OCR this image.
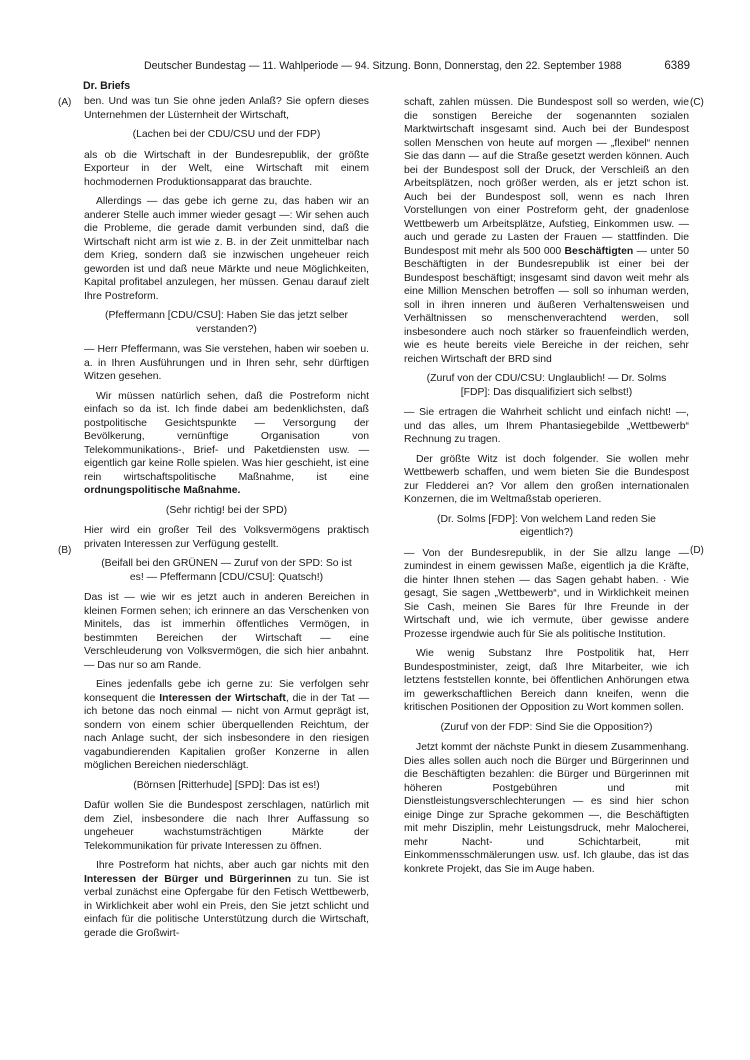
Deutscher Bundestag — 11. Wahlperiode — 94. Sitzung. Bonn, Donnerstag, den 22. September 1988	6389
Dr. Briefs
(A)
(B)
(C)
(D)

ben. Und was tun Sie ohne jeden Anlaß? Sie opfern dieses Unternehmen der Lüsternheit der Wirtschaft,

(Lachen bei der CDU/CSU und der FDP)

als ob die Wirtschaft in der Bundesrepublik, der größte Exporteur in der Welt, eine Wirtschaft mit einem hochmodernen Produktionsapparat das brauchte.

Allerdings — das gebe ich gerne zu, das haben wir an anderer Stelle auch immer wieder gesagt —: Wir sehen auch die Probleme, die gerade damit verbunden sind, daß die Wirtschaft nicht arm ist wie z. B. in der Zeit unmittelbar nach dem Krieg, sondern daß sie inzwischen ungeheuer reich geworden ist und daß neue Märkte und neue Möglichkeiten, Kapital profitabel anzulegen, her müssen. Genau darauf zielt Ihre Postreform.

(Pfeffermann [CDU/CSU]: Haben Sie das jetzt selber verstanden?)

— Herr Pfeffermann, was Sie verstehen, haben wir soeben u. a. in Ihren Ausführungen und in Ihren sehr, sehr dürftigen Witzen gesehen.

Wir müssen natürlich sehen, daß die Postreform nicht einfach so da ist. Ich finde dabei am bedenklichsten, daß postpolitische Gesichtspunkte — Versorgung der Bevölkerung, vernünftige Organisation von Telekommunikations-, Brief- und Paketdiensten usw. — eigentlich gar keine Rolle spielen. Was hier geschieht, ist eine rein wirtschaftspolitische Maßnahme, ist eine ordnungspolitische Maßnahme.

(Sehr richtig! bei der SPD)

Hier wird ein großer Teil des Volksvermögens praktisch privaten Interessen zur Verfügung gestellt.

(Beifall bei den GRÜNEN — Zuruf von der SPD: So ist es! — Pfeffermann [CDU/CSU]: Quatsch!)

Das ist — wie wir es jetzt auch in anderen Bereichen in kleinen Formen sehen; ich erinnere an das Verschenken von Minitels, das ist immerhin öffentliches Vermögen, in bestimmten Bereichen der Wirtschaft — eine Verschleuderung von Volksvermögen, die sich hier anbahnt. — Das nur so am Rande.

Eines jedenfalls gebe ich gerne zu: Sie verfolgen sehr konsequent die Interessen der Wirtschaft, die in der Tat — ich betone das noch einmal — nicht von Armut geprägt ist, sondern von einem schier überquellenden Reichtum, der nach Anlage sucht, der sich insbesondere in den riesigen vagabundierenden Kapitalien großer Konzerne in allen möglichen Bereichen niederschlägt.

(Börnsen [Ritterhude] [SPD]: Das ist es!)

Dafür wollen Sie die Bundespost zerschlagen, natürlich mit dem Ziel, insbesondere die nach Ihrer Auffassung so ungeheuer wachstumsträchtigen Märkte der Telekommunikation für private Interessen zu öffnen.

Ihre Postreform hat nichts, aber auch gar nichts mit den Interessen der Bürger und Bürgerinnen zu tun. Sie ist verbal zunächst eine Opfergabe für den Fetisch Wettbewerb, in Wirklichkeit aber wohl ein Preis, den Sie jetzt schlicht und einfach für die politische Unterstützung durch die Wirtschaft, gerade die Großwirt-

schaft, zahlen müssen. Die Bundespost soll so werden, wie die sonstigen Bereiche der sogenannten sozialen Marktwirtschaft insgesamt sind. Auch bei der Bundespost sollen Menschen von heute auf morgen — „flexibel“ nennen Sie das dann — auf die Straße gesetzt werden können. Auch bei der Bundespost soll der Druck, der Verschleiß an den Arbeitsplätzen, noch größer werden, als er jetzt schon ist. Auch bei der Bundespost soll, wenn es nach Ihren Vorstellungen von einer Postreform geht, der gnadenlose Wettbewerb um Arbeitsplätze, Aufstieg, Einkommen usw. — auch und gerade zu Lasten der Frauen — stattfinden. Die Bundespost mit mehr als 500 000 Beschäftigten — unter 50 Beschäftigten in der Bundesrepublik ist einer bei der Bundespost beschäftigt; insgesamt sind davon weit mehr als eine Million Menschen betroffen — soll so inhuman werden, soll in ihren inneren und äußeren Verhaltensweisen und Verhältnissen so menschenverachtend werden, soll insbesondere auch noch stärker so frauenfeindlich werden, wie es heute bereits viele Bereiche in der reichen, sehr reichen Wirtschaft der BRD sind

(Zuruf von der CDU/CSU: Unglaublich! — Dr. Solms [FDP]: Das disqualifiziert sich selbst!)

— Sie ertragen die Wahrheit schlicht und einfach nicht! —, und das alles, um Ihrem Phantasiegebilde „Wettbewerb“ Rechnung zu tragen.

Der größte Witz ist doch folgender. Sie wollen mehr Wettbewerb schaffen, und wem bieten Sie die Bundespost zur Fledderei an? Vor allem den großen internationalen Konzernen, die im Weltmaßstab operieren.

(Dr. Solms [FDP]: Von welchem Land reden Sie eigentlich?)

— Von der Bundesrepublik, in der Sie allzu lange — zumindest in einem gewissen Maße, eigentlich ja die Kräfte, die hinter Ihnen stehen — das Sagen gehabt haben. · Wie gesagt, Sie sagen „Wettbewerb“, und in Wirklichkeit meinen Sie Cash, meinen Sie Bares für Ihre Freunde in der Wirtschaft und, wie ich vermute, über gewisse andere Prozesse irgendwie auch für Sie als politische Institution.

Wie wenig Substanz Ihre Postpolitik hat, Herr Bundespostminister, zeigt, daß Ihre Mitarbeiter, wie ich letztens feststellen konnte, bei öffentlichen Anhörungen etwa im gewerkschaftlichen Bereich dann kneifen, wenn die kritischen Positionen der Opposition zu Wort kommen sollen.

(Zuruf von der FDP: Sind Sie die Opposition?)

Jetzt kommt der nächste Punkt in diesem Zusammenhang. Dies alles sollen auch noch die Bürger und Bürgerinnen und die Beschäftigten bezahlen: die Bürger und Bürgerinnen mit höheren Postgebühren und mit Dienstleistungsverschlechterungen — es sind hier schon einige Dinge zur Sprache gekommen —, die Beschäftigten mit mehr Disziplin, mehr Leistungsdruck, mehr Malocherei, mehr Nacht- und Schichtarbeit, mit Einkommensschmälerungen usw. usf. Ich glaube, das ist das konkrete Projekt, das Sie im Auge haben.
